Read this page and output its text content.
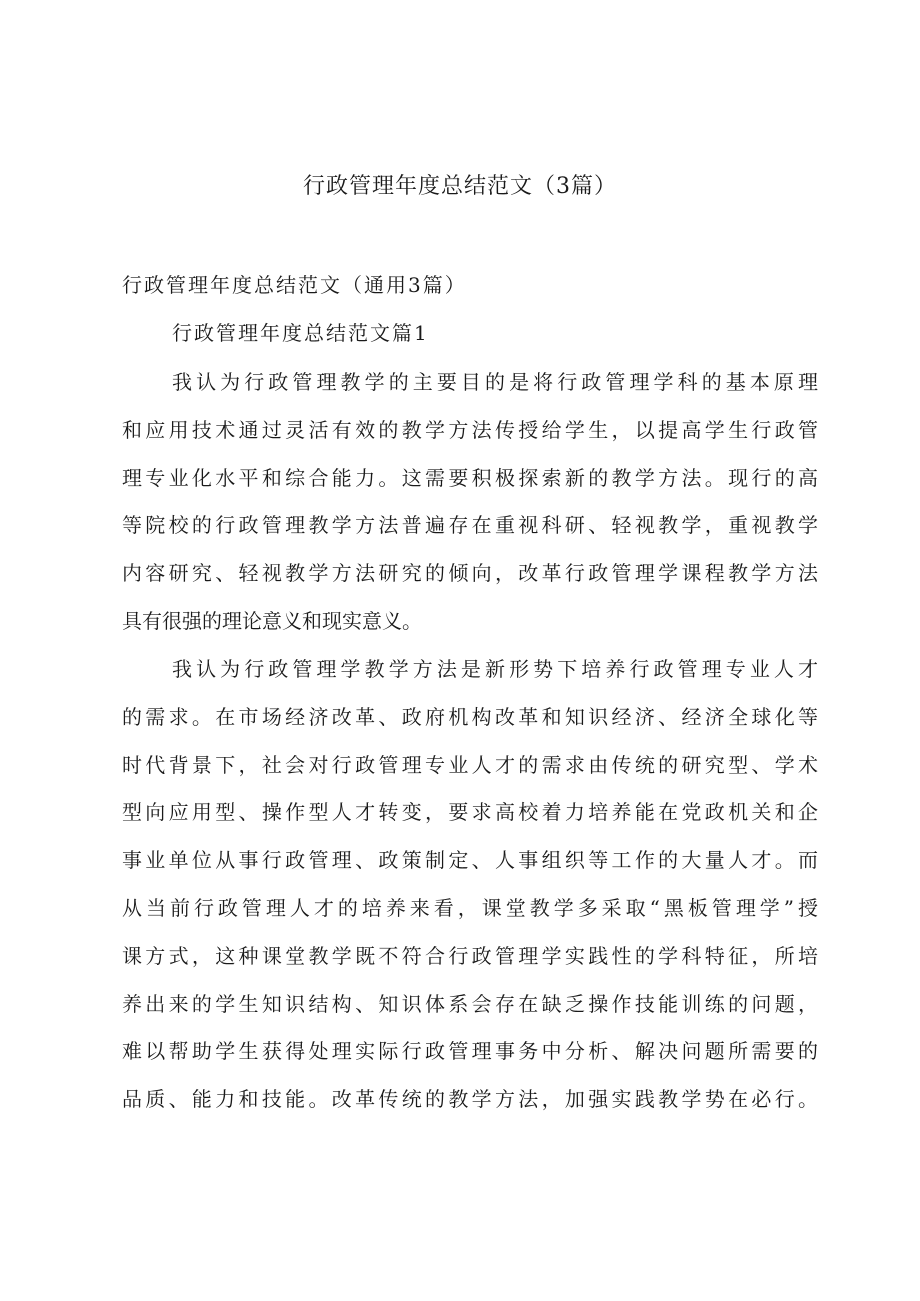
行政管理年度总结范文（3篇）
行政管理年度总结范文（通用3篇）
行政管理年度总结范文篇1

我认为行政管理教学的主要目的是将行政管理学科的基本原理
和应用技术通过灵活有效的教学方法传授给学生，以提高学生行政管
理专业化水平和综合能力。这需要积极探索新的教学方法。现行的高
等院校的行政管理教学方法普遍存在重视科研、轻视教学，重视教学
内容研究、轻视教学方法研究的倾向，改革行政管理学课程教学方法
具有很强的理论意义和现实意义。

我认为行政管理学教学方法是新形势下培养行政管理专业人才
的需求。在市场经济改革、政府机构改革和知识经济、经济全球化等
时代背景下，社会对行政管理专业人才的需求由传统的研究型、学术
型向应用型、操作型人才转变，要求高校着力培养能在党政机关和企
事业单位从事行政管理、政策制定、人事组织等工作的大量人才。而
从当前行政管理人才的培养来看，课堂教学多采取“黑板管理学”授
课方式，这种课堂教学既不符合行政管理学实践性的学科特征，所培
养出来的学生知识结构、知识体系会存在缺乏操作技能训练的问题，
难以帮助学生获得处理实际行政管理事务中分析、解决问题所需要的
品质、能力和技能。改革传统的教学方法，加强实践教学势在必行。
